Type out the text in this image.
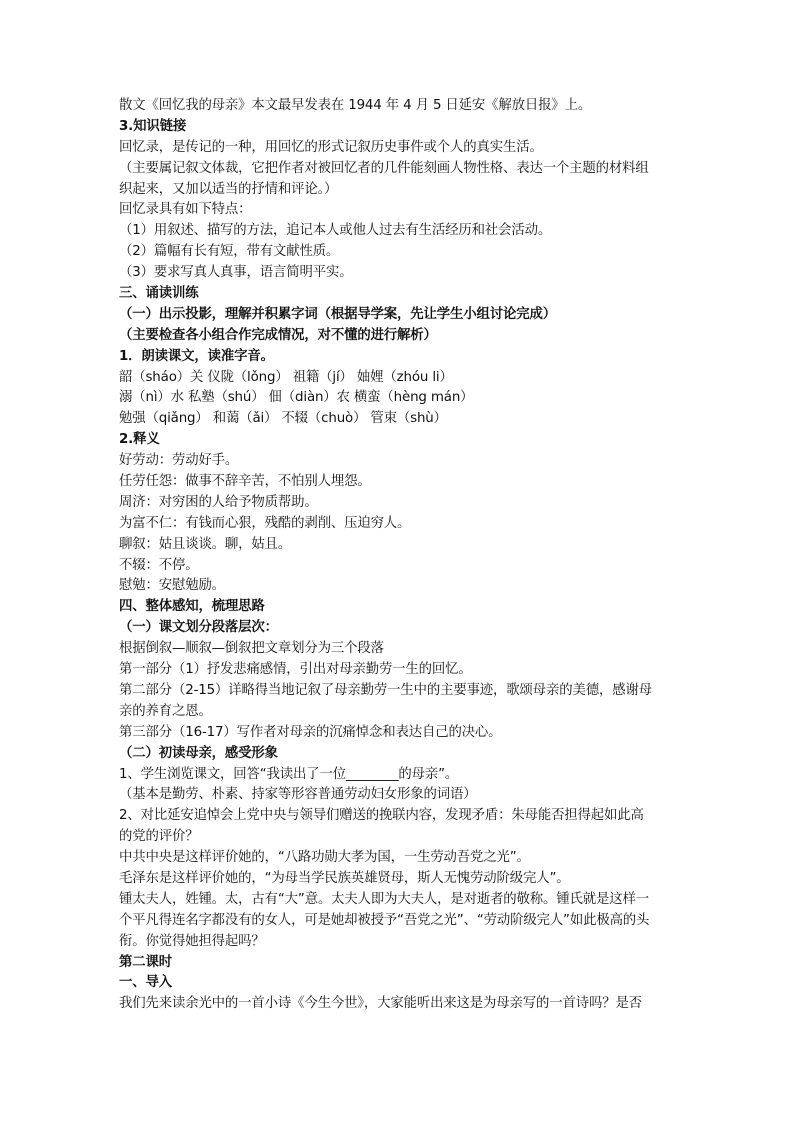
散文《回忆我的母亲》本文最早发表在 1944 年 4 月 5 日延安《解放日报》上。
3.知识链接
回忆录，是传记的一种，用回忆的形式记叙历史事件或个人的真实生活。
（主要属记叙文体裁，它把作者对被回忆者的几件能刻画人物性格、表达一个主题的材料组
织起来，又加以适当的抒情和评论。）
回忆录具有如下特点：
（1）用叙述、描写的方法，追记本人或他人过去有生活经历和社会活动。
（2）篇幅有长有短，带有文献性质。
（3）要求写真人真事，语言简明平实。
三、诵读训练
（一）出示投影，理解并积累字词（根据导学案，先让学生小组讨论完成）
（主要检查各小组合作完成情况，对不懂的进行解析）
1．朗读课文，读准字音。
韶（sháo）关 仪陇（lǒng） 祖籍（jí） 妯娌（zhóu li）
溺（nì）水 私塾（shú） 佃（diàn）农 横蛮（hèng mán）
勉强（qiǎng） 和蔼（ǎi） 不辍（chuò） 管束（shù）
2.释义
好劳动：劳动好手。
任劳任怨：做事不辞辛苦，不怕别人埋怨。
周济：对穷困的人给予物质帮助。
为富不仁：有钱而心狠，残酷的剥削、压迫穷人。
聊叙：姑且谈谈。聊，姑且。
不辍：不停。
慰勉：安慰勉励。
四、整体感知，梳理思路
（一）课文划分段落层次：
根据倒叙—顺叙—倒叙把文章划分为三个段落
第一部分（1）抒发悲痛感情，引出对母亲勤劳一生的回忆。
第二部分（2-15）详略得当地记叙了母亲勤劳一生中的主要事迹，歌颂母亲的美德，感谢母
亲的养育之恩。
第三部分（16-17）写作者对母亲的沉痛悼念和表达自己的决心。
（二）初读母亲，感受形象
1、学生浏览课文，回答“我读出了一位________的母亲”。
（基本是勤劳、朴素、持家等形容普通劳动妇女形象的词语）
2、对比延安追悼会上党中央与领导们赠送的挽联内容，发现矛盾：朱母能否担得起如此高
的党的评价？
中共中央是这样评价她的，“八路功勋大孝为国，一生劳动吾党之光”。
毛泽东是这样评价她的，“为母当学民族英雄贤母，斯人无愧劳动阶级完人”。
锺太夫人，姓锺。太，古有“大”意。太夫人即为大夫人，是对逝者的敬称。锺氏就是这样一
个平凡得连名字都没有的女人，可是她却被授予“吾党之光”、“劳动阶级完人”如此极高的头
衔。你觉得她担得起吗？
第二课时
一、导入
我们先来读余光中的一首小诗《今生今世》，大家能听出来这是为母亲写的一首诗吗？是否
